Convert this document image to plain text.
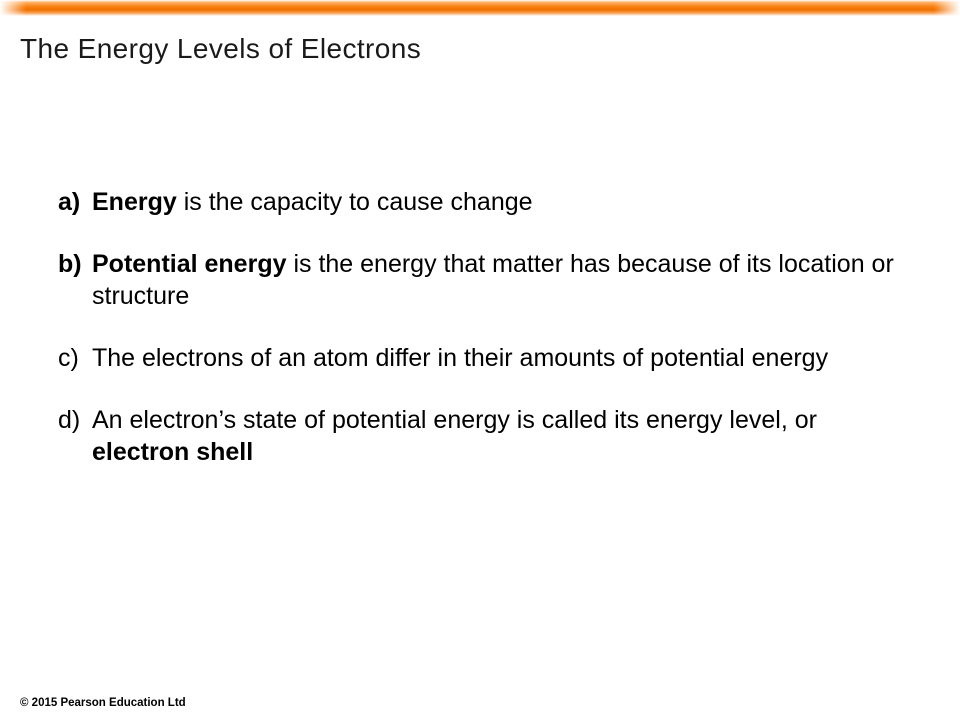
The Energy Levels of Electrons
a) Energy is the capacity to cause change
b) Potential energy is the energy that matter has because of its location or structure
c) The electrons of an atom differ in their amounts of potential energy
d) An electron’s state of potential energy is called its energy level, or electron shell
© 2015 Pearson Education Ltd
